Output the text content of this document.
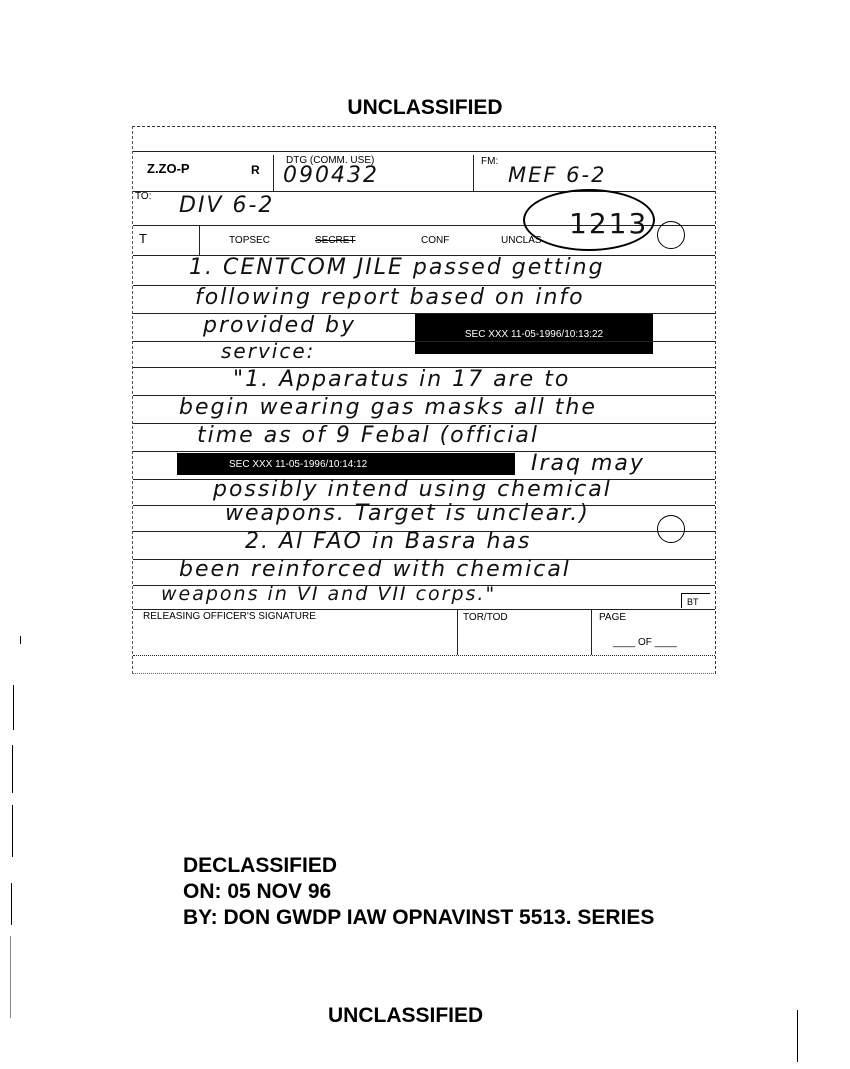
UNCLASSIFIED
Z.ZO-P	R
DTG (COMM. USE)
090432
FM:
MEF 6-2
TO: DIV 6-2
T	TOPSEC	SECRET	CONF	UNCLAS
1213
1. CENTCOM JILE passed getting
following report based on info
provided by	SEC XXX 11-05-1996/10:13:22
service:
"1. Apparatus in 17 are to
begin wearing gas masks all the
time as of 9 Febal (official
SEC XXX 11-05-1996/10:14:12	Iraq may
possibly intend using chemical
weapons. Target is unclear.)
2. Al FAO in Basra has
been reinforced with chemical
weapons in VI and VII corps."	BT
RELEASING OFFICER'S SIGNATURE	TOR/TOD	PAGE
____ OF ____
DECLASSIFIED
ON: 05 NOV 96
BY: DON GWDP IAW OPNAVINST 5513. SERIES
UNCLASSIFIED
